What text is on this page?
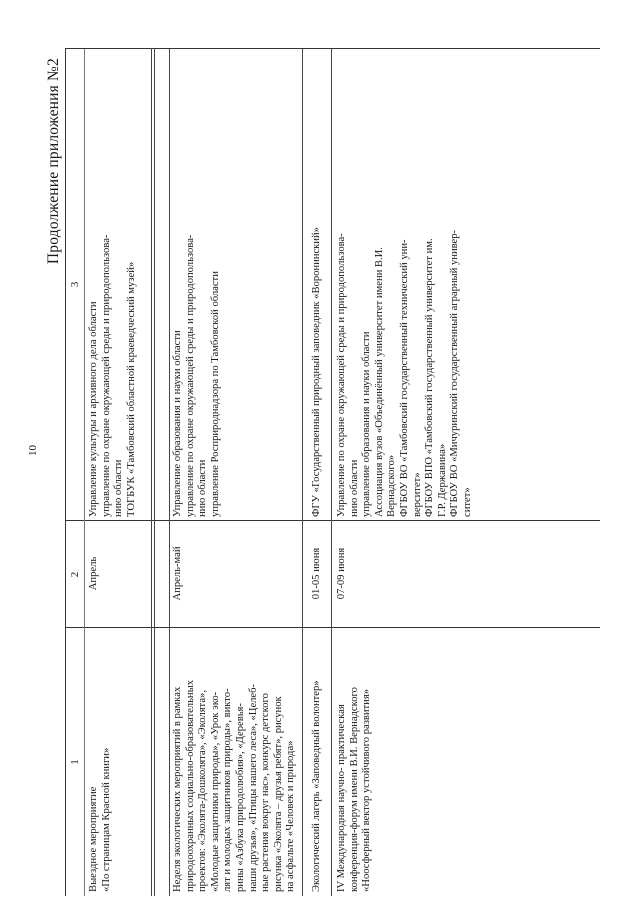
10
Продолжение приложения №2
1
2
3
Выездное мероприятие
«По страницам Красной книги»
Апрель
Управление культуры и архивного дела области
управление по охране окружающей среды и природопользова-
нию области
ТОГБУК «Тамбовский областной краеведческий музей»
Неделя экологических мероприятий в рамках
природоохранных социально-образовательных
проектов: «Эколята-Дошколята», «Эколята»,
«Молодые защитники природы», «Урок эко-
лят и молодых защитников природы», викто-
рины «Азбука природолюбия», «Деревья-
наши друзья», «Птицы нашего леса», «Целеб-
ные растения вокруг нас», конкурс детского
рисунка «Эколята – друзья ребят», рисунок
на асфальте «Человек и природа»
Апрель-май
Управление образования и науки области
управление по охране окружающей среды и природопользова-
нию области
управление Росприроднадзора по Тамбовской области
Экологический лагерь «Заповедный волонтер»
01-05 июня
ФГУ «Государственный природный заповедник «Воронинский»
IV Международная научно- практическая
конференция-форум имени В.И. Вернадского
«Ноосферный вектор устойчивого развития»
07-09 июня
Управление по охране окружающей среды и природопользова-
нию области
управление образования и науки области
Ассоциация вузов «Объединённый университет имени В.И.
Вернадского»
ФГБОУ ВО «Тамбовский государственный технический уни-
верситет»
ФГБОУ ВПО «Тамбовский государственный университет им.
Г.Р. Державина»
ФГБОУ ВО «Мичуринский государственный аграрный универ-
ситет»
